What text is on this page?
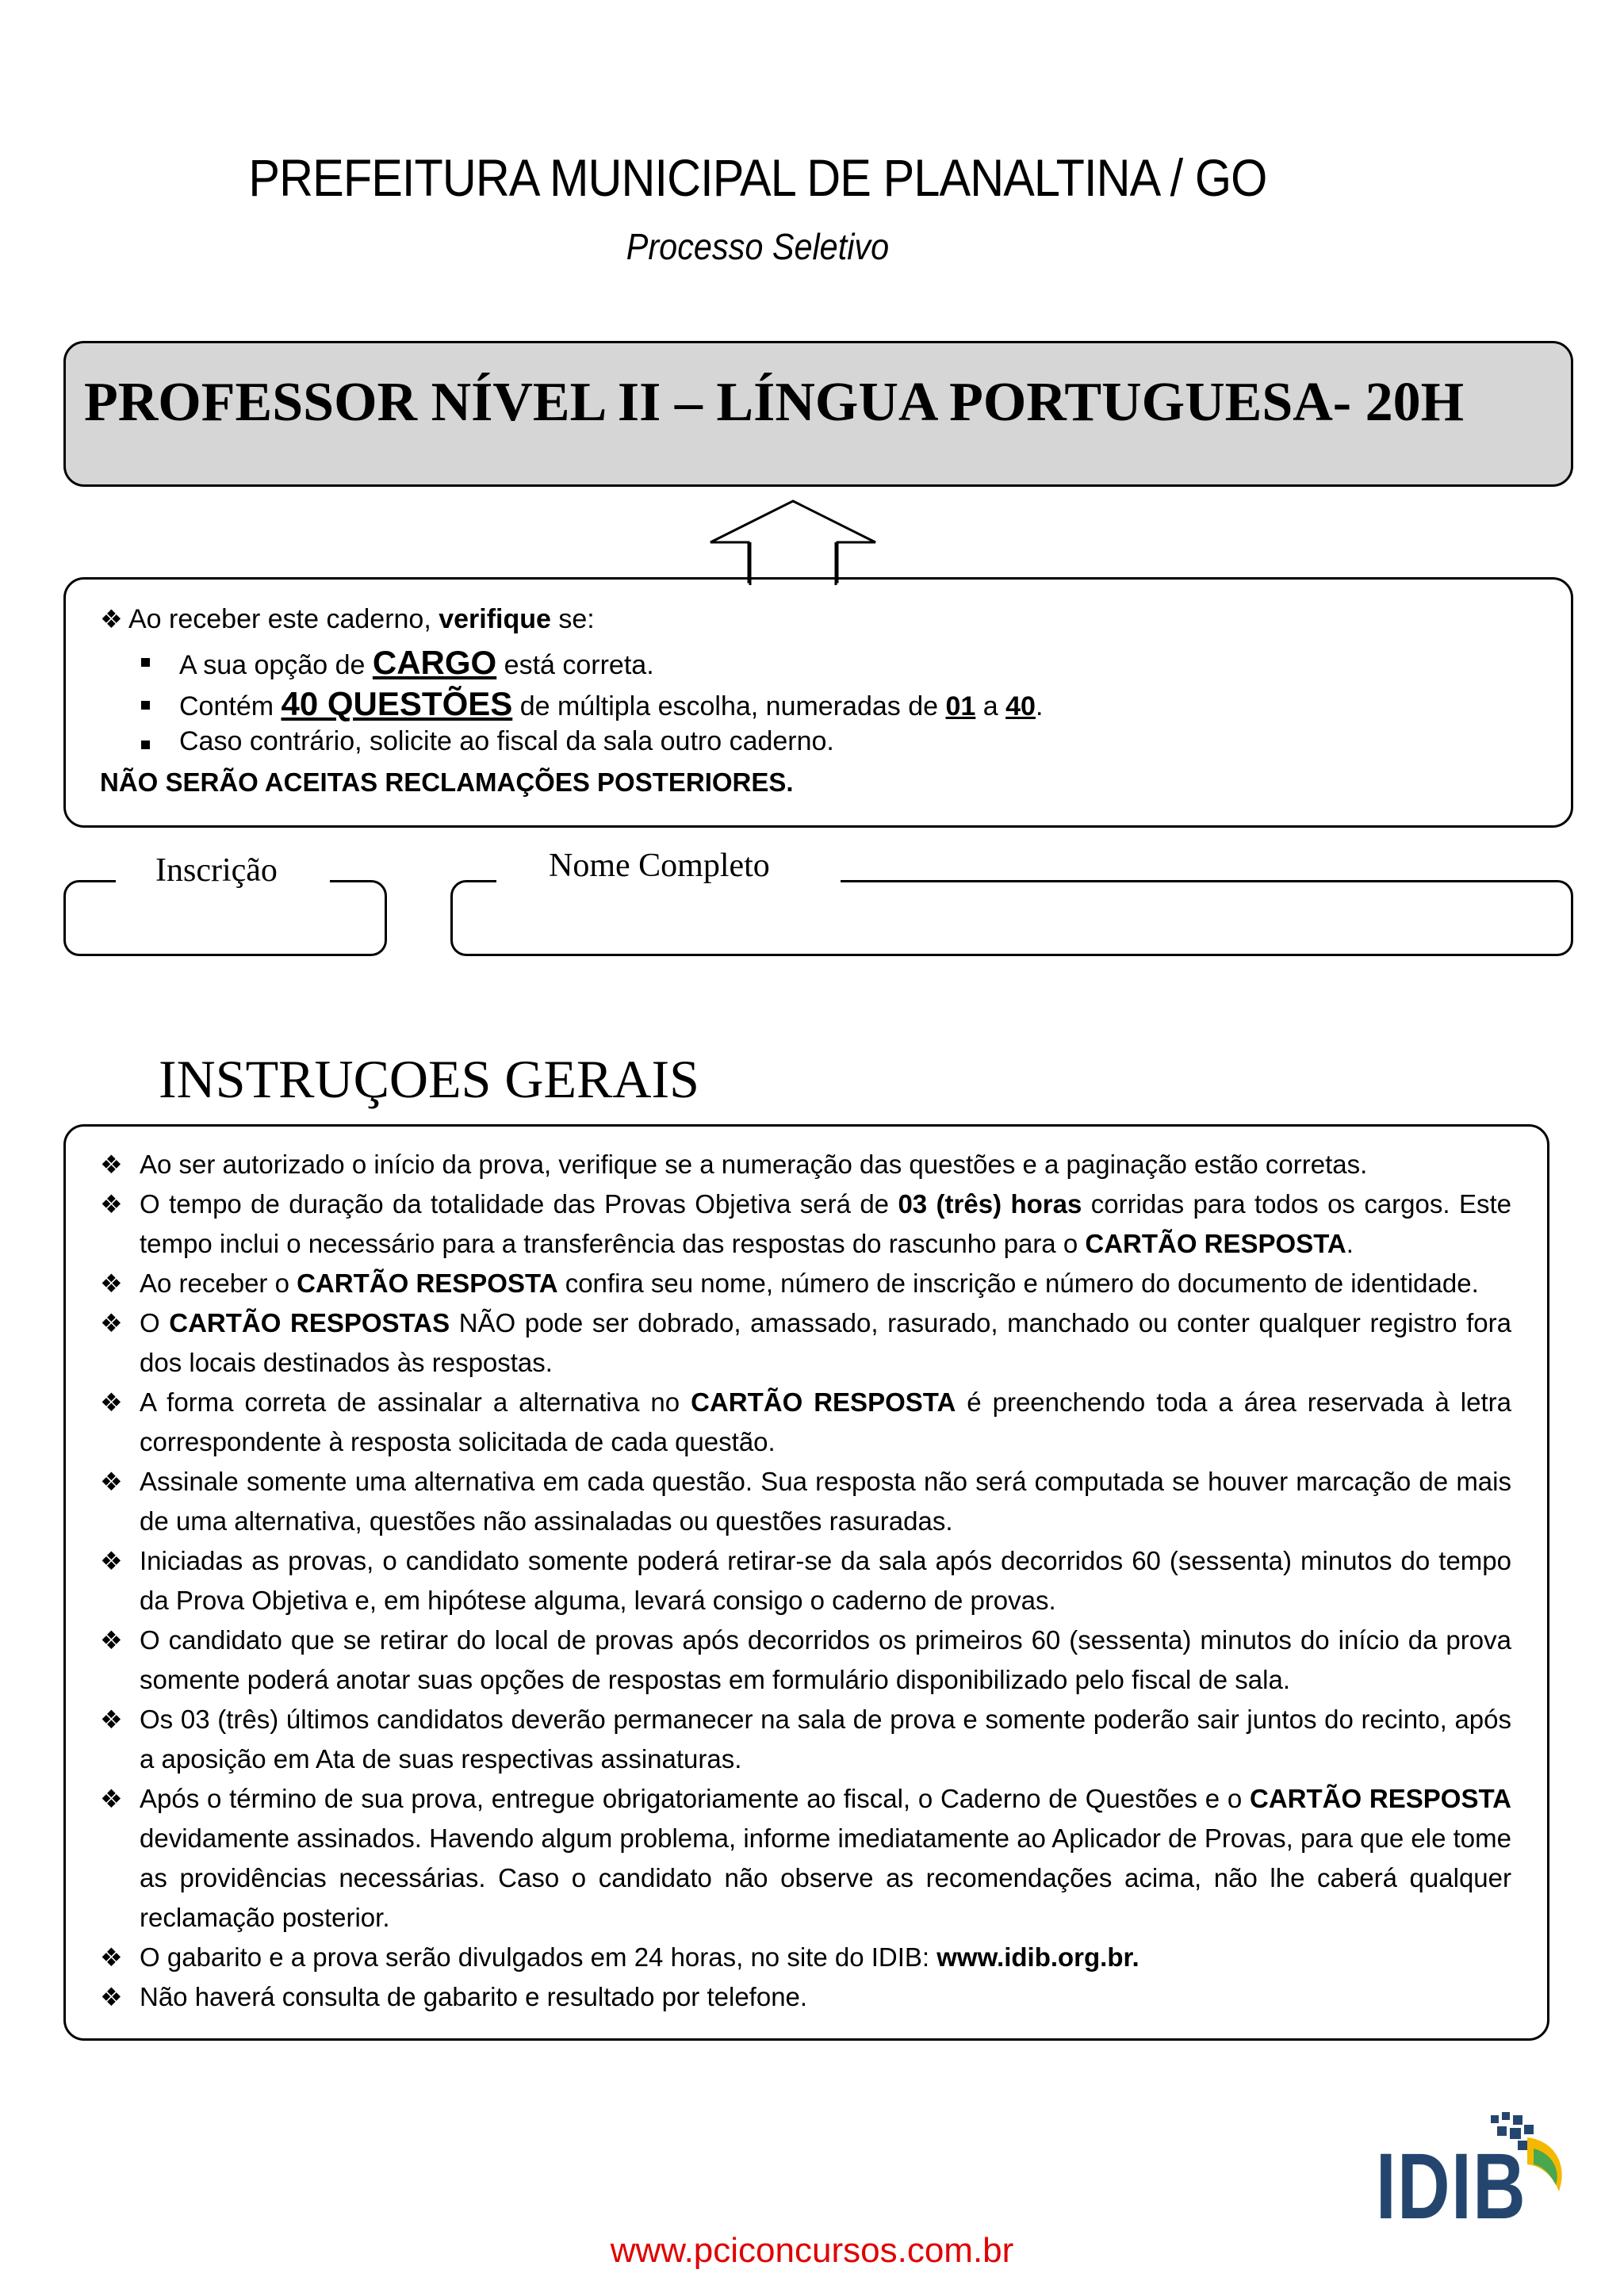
PREFEITURA MUNICIPAL DE PLANALTINA / GO
Processo Seletivo
PROFESSOR NÍVEL II – LÍNGUA PORTUGUESA- 20H
❖ Ao receber este caderno, verifique se:
A sua opção de CARGO está correta.
Contém 40 QUESTÕES de múltipla escolha, numeradas de 01 a 40.
Caso contrário, solicite ao fiscal da sala outro caderno.
NÃO SERÃO ACEITAS RECLAMAÇÕES POSTERIORES.
Inscrição	Nome Completo
INSTRUÇOES GERAIS
❖ Ao ser autorizado o início da prova, verifique se a numeração das questões e a paginação estão corretas.
❖ O tempo de duração da totalidade das Provas Objetiva será de 03 (três) horas corridas para todos os cargos. Este tempo inclui o necessário para a transferência das respostas do rascunho para o CARTÃO RESPOSTA.
❖ Ao receber o CARTÃO RESPOSTA confira seu nome, número de inscrição e número do documento de identidade.
❖ O CARTÃO RESPOSTAS NÃO pode ser dobrado, amassado, rasurado, manchado ou conter qualquer registro fora dos locais destinados às respostas.
❖ A forma correta de assinalar a alternativa no CARTÃO RESPOSTA é preenchendo toda a área reservada à letra correspondente à resposta solicitada de cada questão.
❖ Assinale somente uma alternativa em cada questão. Sua resposta não será computada se houver marcação de mais de uma alternativa, questões não assinaladas ou questões rasuradas.
❖ Iniciadas as provas, o candidato somente poderá retirar-se da sala após decorridos 60 (sessenta) minutos do tempo da Prova Objetiva e, em hipótese alguma, levará consigo o caderno de provas.
❖ O candidato que se retirar do local de provas após decorridos os primeiros 60 (sessenta) minutos do início da prova somente poderá anotar suas opções de respostas em formulário disponibilizado pelo fiscal de sala.
❖ Os 03 (três) últimos candidatos deverão permanecer na sala de prova e somente poderão sair juntos do recinto, após a aposição em Ata de suas respectivas assinaturas.
❖ Após o término de sua prova, entregue obrigatoriamente ao fiscal, o Caderno de Questões e o CARTÃO RESPOSTA devidamente assinados. Havendo algum problema, informe imediatamente ao Aplicador de Provas, para que ele tome as providências necessárias. Caso o candidato não observe as recomendações acima, não lhe caberá qualquer reclamação posterior.
❖ O gabarito e a prova serão divulgados em 24 horas, no site do IDIB: www.idib.org.br.
❖ Não haverá consulta de gabarito e resultado por telefone.
IDIB
www.pciconcursos.com.br
